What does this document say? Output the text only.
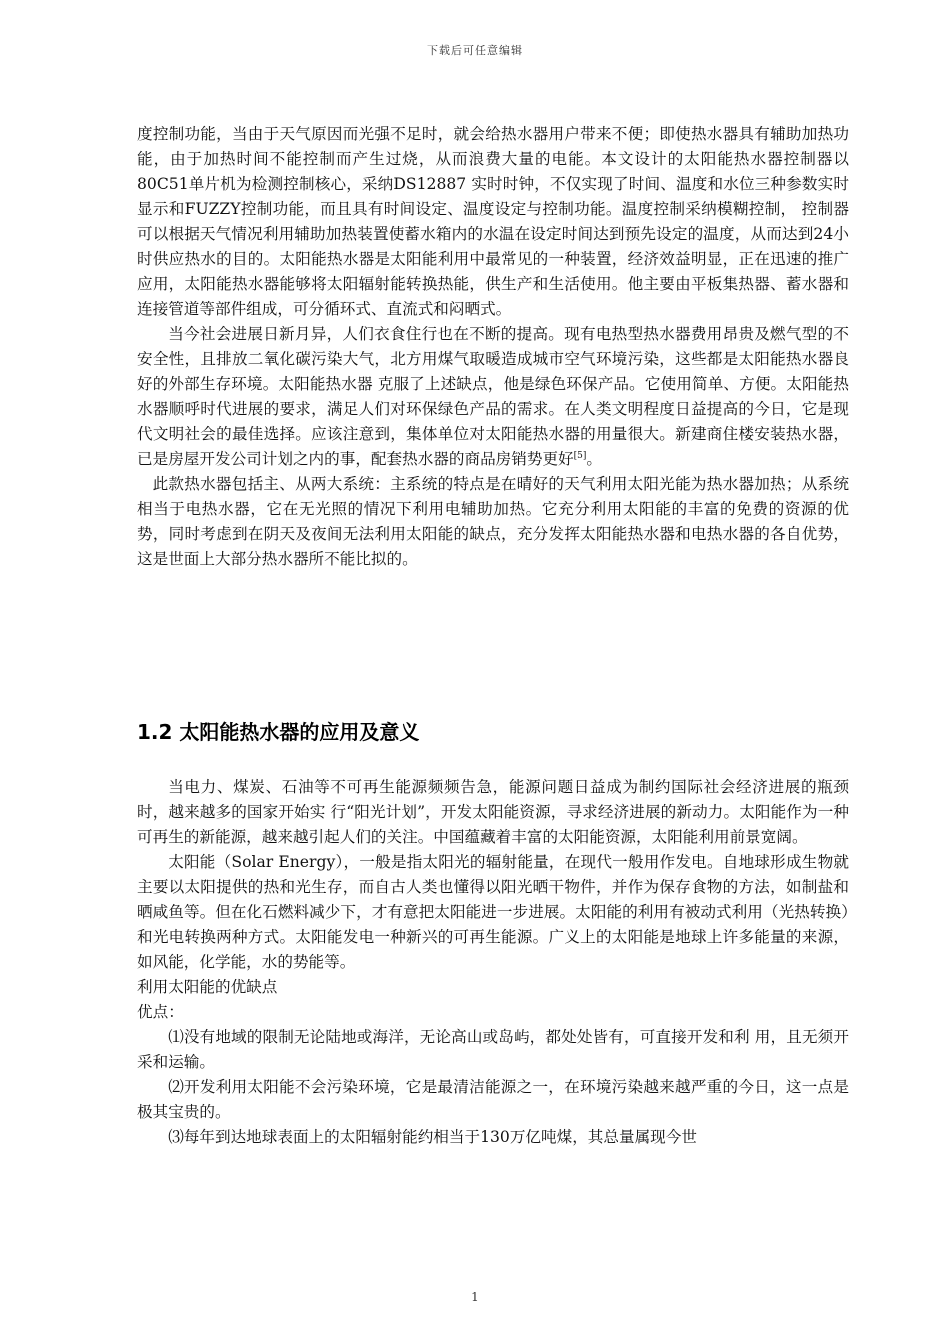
下载后可任意编辑

度控制功能，当由于天气原因而光强不足时，就会给热水器用户带来不便；即使热水器具有辅助加热功能，由于加热时间不能控制而产生过烧，从而浪费大量的电能。本文设计的太阳能热水器控制器以80C51单片机为检测控制核心，采纳DS12887 实时时钟，不仅实现了时间、温度和水位三种参数实时显示和FUZZY控制功能，而且具有时间设定、温度设定与控制功能。温度控制采纳模糊控制， 控制器可以根据天气情况利用辅助加热装置使蓄水箱内的水温在设定时间达到预先设定的温度，从而达到24小时供应热水的目的。太阳能热水器是太阳能利用中最常见的一种装置，经济效益明显，正在迅速的推广应用，太阳能热水器能够将太阳辐射能转换热能，供生产和生活使用。他主要由平板集热器、蓄水器和连接管道等部件组成，可分循环式、直流式和闷晒式。

当今社会进展日新月异，人们衣食住行也在不断的提高。现有电热型热水器费用昂贵及燃气型的不安全性，且排放二氧化碳污染大气，北方用煤气取暖造成城市空气环境污染，这些都是太阳能热水器良好的外部生存环境。太阳能热水器 克服了上述缺点，他是绿色环保产品。它使用简单、方便。太阳能热水器顺呼时代进展的要求，满足人们对环保绿色产品的需求。在人类文明程度日益提高的今日，它是现代文明社会的最佳选择。应该注意到，集体单位对太阳能热水器的用量很大。新建商住楼安装热水器，已是房屋开发公司计划之内的事，配套热水器的商品房销势更好[5]。

此款热水器包括主、从两大系统：主系统的特点是在晴好的天气利用太阳光能为热水器加热；从系统相当于电热水器，它在无光照的情况下利用电辅助加热。它充分利用太阳能的丰富的免费的资源的优势，同时考虑到在阴天及夜间无法利用太阳能的缺点，充分发挥太阳能热水器和电热水器的各自优势，这是世面上大部分热水器所不能比拟的。

1.2 太阳能热水器的应用及意义

当电力、煤炭、石油等不可再生能源频频告急，能源问题日益成为制约国际社会经济进展的瓶颈时，越来越多的国家开始实 行“阳光计划”，开发太阳能资源，寻求经济进展的新动力。太阳能作为一种可再生的新能源，越来越引起人们的关注。中国蕴藏着丰富的太阳能资源，太阳能利用前景宽阔。

太阳能（Solar Energy），一般是指太阳光的辐射能量，在现代一般用作发电。自地球形成生物就主要以太阳提供的热和光生存，而自古人类也懂得以阳光晒干物件，并作为保存食物的方法，如制盐和晒咸鱼等。但在化石燃料减少下，才有意把太阳能进一步进展。太阳能的利用有被动式利用（光热转换）和光电转换两种方式。太阳能发电一种新兴的可再生能源。广义上的太阳能是地球上许多能量的来源，如风能，化学能，水的势能等。

利用太阳能的优缺点

优点：

⑴没有地域的限制无论陆地或海洋，无论高山或岛屿，都处处皆有，可直接开发和利 用，且无须开采和运输。

⑵开发利用太阳能不会污染环境，它是最清洁能源之一，在环境污染越来越严重的今日，这一点是极其宝贵的。

⑶每年到达地球表面上的太阳辐射能约相当于130万亿吨煤，其总量属现今世

1
